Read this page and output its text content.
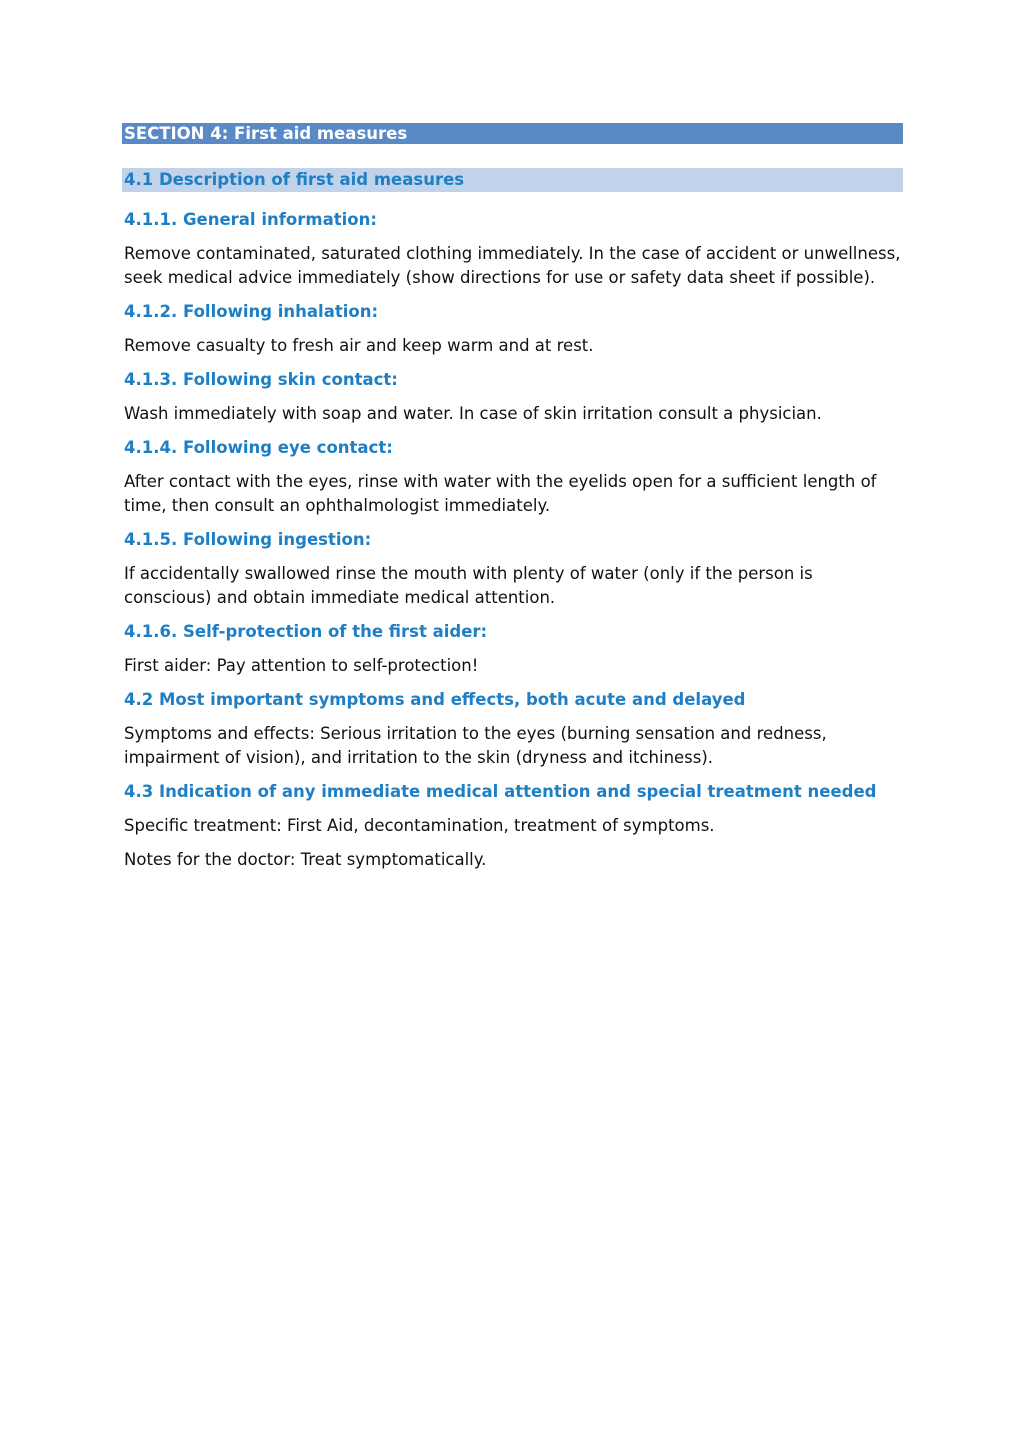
SECTION 4: First aid measures
4.1 Description of first aid measures
4.1.1. General information:
Remove contaminated, saturated clothing immediately. In the case of accident or unwellness, seek medical advice immediately (show directions for use or safety data sheet if possible).
4.1.2. Following inhalation:
Remove casualty to fresh air and keep warm and at rest.
4.1.3. Following skin contact:
Wash immediately with soap and water. In case of skin irritation consult a physician.
4.1.4. Following eye contact:
After contact with the eyes, rinse with water with the eyelids open for a sufficient length of time, then consult an ophthalmologist immediately.
4.1.5. Following ingestion:
If accidentally swallowed rinse the mouth with plenty of water (only if the person is conscious) and obtain immediate medical attention.
4.1.6. Self-protection of the first aider:
First aider: Pay attention to self-protection!
4.2 Most important symptoms and effects, both acute and delayed
Symptoms and effects: Serious irritation to the eyes (burning sensation and redness, impairment of vision), and irritation to the skin (dryness and itchiness).
4.3 Indication of any immediate medical attention and special treatment needed
Specific treatment: First Aid, decontamination, treatment of symptoms.
Notes for the doctor: Treat symptomatically.
